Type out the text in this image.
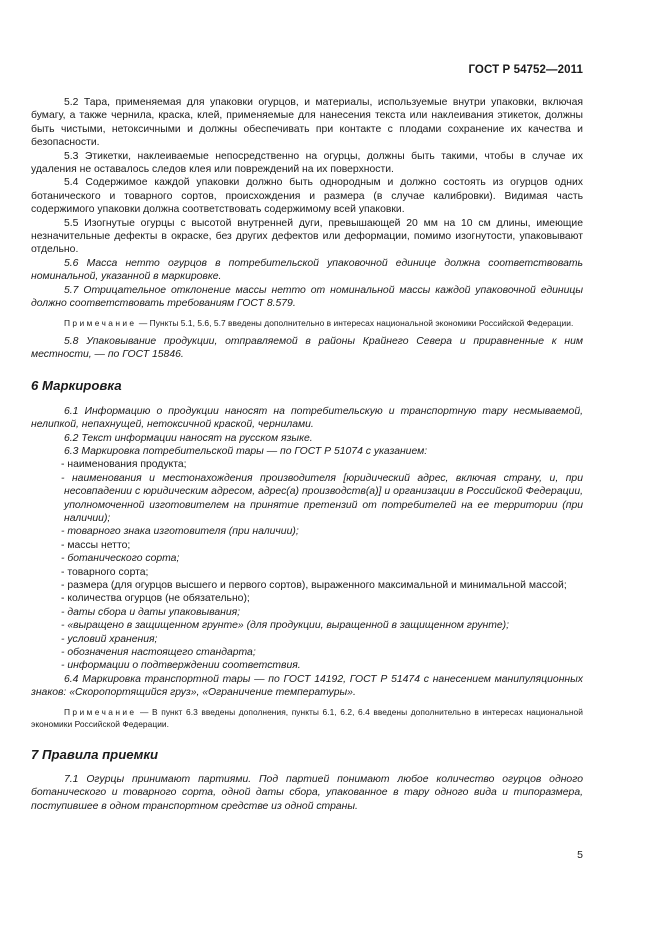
ГОСТ Р 54752—2011

5.2 Тара, применяемая для упаковки огурцов, и материалы, используемые внутри упаковки, включая бумагу, а также чернила, краска, клей, применяемые для нанесения текста или наклеивания этикеток, должны быть чистыми, нетоксичными и должны обеспечивать при контакте с плодами сохранение их качества и безопасности.

5.3 Этикетки, наклеиваемые непосредственно на огурцы, должны быть такими, чтобы в случае их удаления не оставалось следов клея или повреждений на их поверхности.

5.4 Содержимое каждой упаковки должно быть однородным и должно состоять из огурцов одних ботанического и товарного сортов, происхождения и размера (в случае калибровки). Видимая часть содержимого упаковки должна соответствовать содержимому всей упаковки.

5.5 Изогнутые огурцы с высотой внутренней дуги, превышающей 20 мм на 10 см длины, имеющие незначительные дефекты в окраске, без других дефектов или деформации, помимо изогнутости, упаковывают отдельно.

5.6 Масса нетто огурцов в потребительской упаковочной единице должна соответствовать номинальной, указанной в маркировке.

5.7 Отрицательное отклонение массы нетто от номинальной массы каждой упаковочной единицы должно соответствовать требованиям ГОСТ 8.579.

Примечание — Пункты 5.1, 5.6, 5.7 введены дополнительно в интересах национальной экономики Российской Федерации.

5.8 Упаковывание продукции, отправляемой в районы Крайнего Севера и приравненные к ним местности, — по ГОСТ 15846.

6 Маркировка

6.1 Информацию о продукции наносят на потребительскую и транспортную тару несмываемой, нелипкой, непахнущей, нетоксичной краской, чернилами.

6.2 Текст информации наносят на русском языке.

6.3 Маркировка потребительской тары — по ГОСТ Р 51074 с указанием:

- наименования продукта;

- наименования и местонахождения производителя [юридический адрес, включая страну, и, при несовпадении с юридическим адресом, адрес(а) производств(а)] и организации в Российской Федерации, уполномоченной изготовителем на принятие претензий от потребителей на ее территории (при наличии);

- товарного знака изготовителя (при наличии);

- массы нетто;

- ботанического сорта;

- товарного сорта;

- размера (для огурцов высшего и первого сортов), выраженного максимальной и минимальной массой;

- количества огурцов (не обязательно);

- даты сбора и даты упаковывания;

- «выращено в защищенном грунте» (для продукции, выращенной в защищенном грунте);

- условий хранения;

- обозначения настоящего стандарта;

- информации о подтверждении соответствия.

6.4 Маркировка транспортной тары — по ГОСТ 14192, ГОСТ Р 51474 с нанесением манипуляционных знаков: «Скоропортящийся груз», «Ограничение температуры».

Примечание — В пункт 6.3 введены дополнения, пункты 6.1, 6.2, 6.4 введены дополнительно в интересах национальной экономики Российской Федерации.

7 Правила приемки

7.1 Огурцы принимают партиями. Под партией понимают любое количество огурцов одного ботанического и товарного сорта, одной даты сбора, упакованное в тару одного вида и типоразмера, поступившее в одном транспортном средстве из одной страны.

5
